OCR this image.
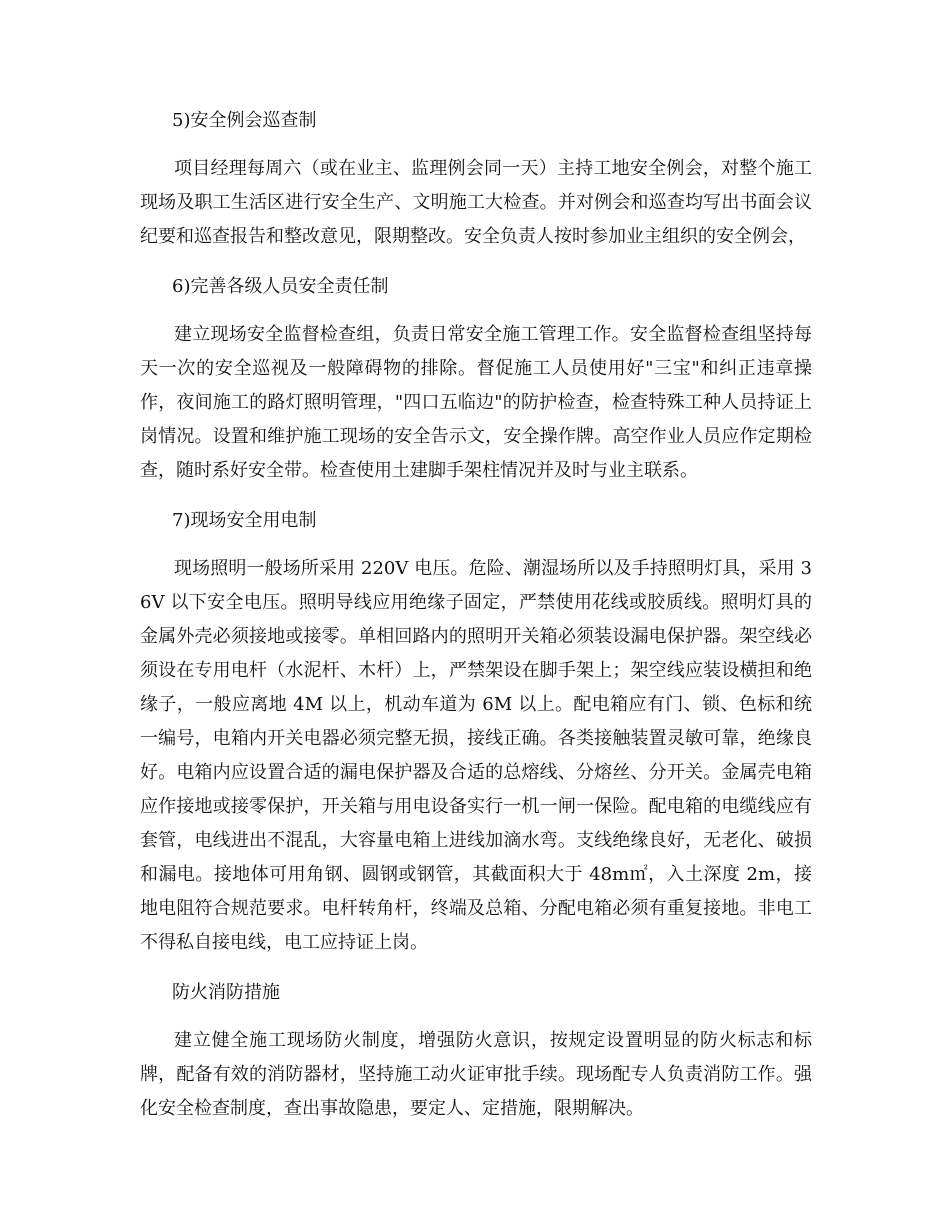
5)安全例会巡查制

项目经理每周六（或在业主、监理例会同一天）主持工地安全例会，对整个施工现场及职工生活区进行安全生产、文明施工大检查。并对例会和巡查均写出书面会议纪要和巡查报告和整改意见，限期整改。安全负责人按时参加业主组织的安全例会，

6)完善各级人员安全责任制

建立现场安全监督检查组，负责日常安全施工管理工作。安全监督检查组坚持每天一次的安全巡视及一般障碍物的排除。督促施工人员使用好"三宝"和纠正违章操作，夜间施工的路灯照明管理，"四口五临边"的防护检查，检查特殊工种人员持证上岗情况。设置和维护施工现场的安全告示文，安全操作牌。高空作业人员应作定期检查，随时系好安全带。检查使用土建脚手架柱情况并及时与业主联系。

7)现场安全用电制

现场照明一般场所采用 220V 电压。危险、潮湿场所以及手持照明灯具，采用 36V 以下安全电压。照明导线应用绝缘子固定，严禁使用花线或胶质线。照明灯具的金属外壳必须接地或接零。单相回路内的照明开关箱必须装设漏电保护器。架空线必须设在专用电杆（水泥杆、木杆）上，严禁架设在脚手架上；架空线应装设横担和绝缘子，一般应离地 4M 以上，机动车道为 6M 以上。配电箱应有门、锁、色标和统一编号，电箱内开关电器必须完整无损，接线正确。各类接触装置灵敏可靠，绝缘良好。电箱内应设置合适的漏电保护器及合适的总熔线、分熔丝、分开关。金属壳电箱应作接地或接零保护，开关箱与用电设备实行一机一闸一保险。配电箱的电缆线应有套管，电线进出不混乱，大容量电箱上进线加滴水弯。支线绝缘良好，无老化、破损和漏电。接地体可用角钢、圆钢或钢管，其截面积大于 48m㎡，入土深度 2m，接地电阻符合规范要求。电杆转角杆，终端及总箱、分配电箱必须有重复接地。非电工不得私自接电线，电工应持证上岗。

防火消防措施

建立健全施工现场防火制度，增强防火意识，按规定设置明显的防火标志和标牌，配备有效的消防器材，坚持施工动火证审批手续。现场配专人负责消防工作。强化安全检查制度，查出事故隐患，要定人、定措施，限期解决。
